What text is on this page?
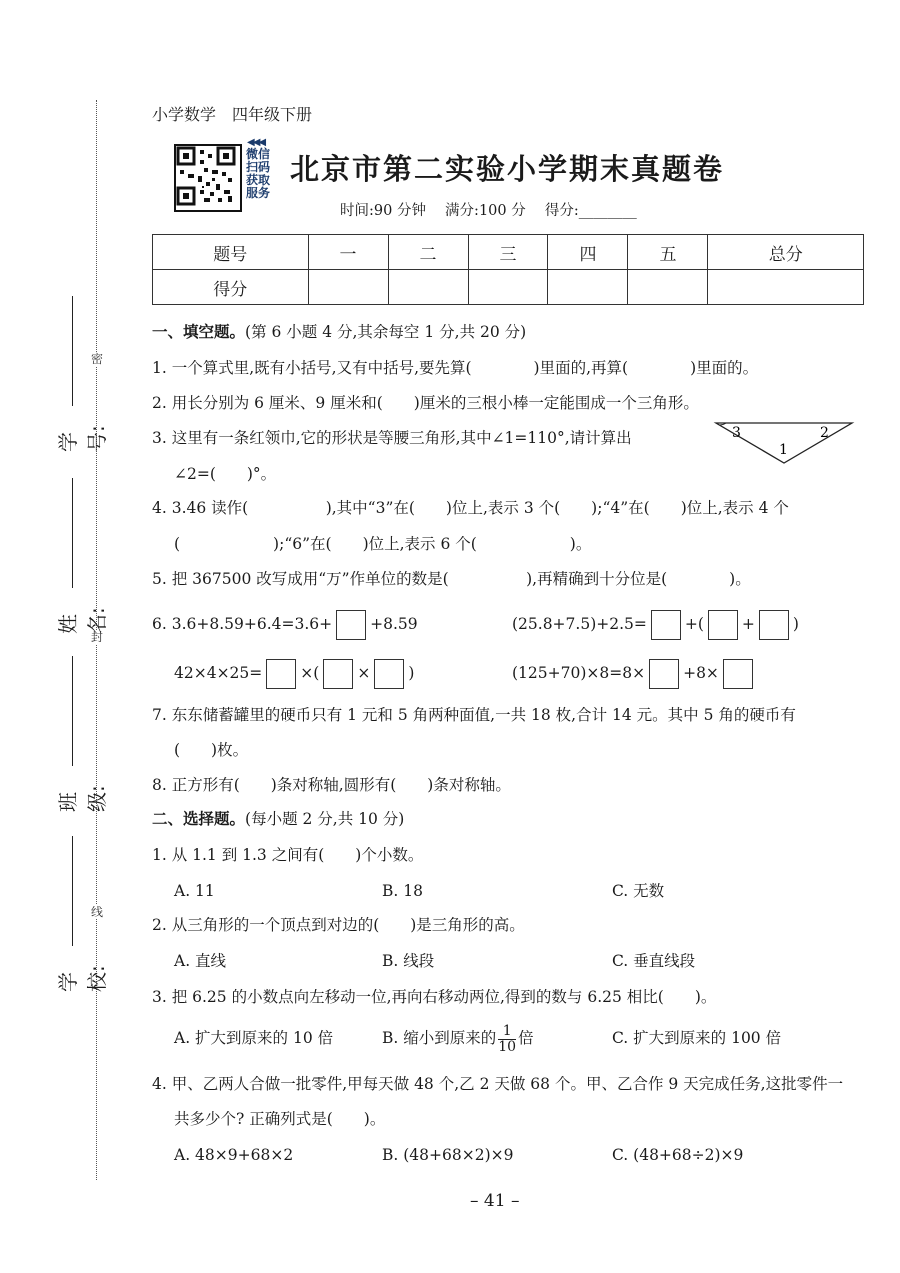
密
封
线
学号:
姓名:
班级:
学校:
小学数学　四年级下册
◀◀◀
微信扫码获取服务
北京市第二实验小学期末真题卷
时间:90 分钟　 满分:100 分　 得分:________
题号	一	二	三	四	五	总分
得分						
一、填空题。(第 6 小题 4 分,其余每空 1 分,共 20 分)
1. 一个算式里,既有小括号,又有中括号,要先算(　　　　)里面的,再算(　　　　)里面的。
2. 用长分别为 6 厘米、9 厘米和(　　)厘米的三根小棒一定能围成一个三角形。
3. 这里有一条红领巾,它的形状是等腰三角形,其中∠1=110°,请计算出
∠2=(　　)°。
3	2
1
4. 3.46 读作(　　　　　),其中“3”在(　　)位上,表示 3 个(　　);“4”在(　　)位上,表示 4 个
(　　　　　　);“6”在(　　)位上,表示 6 个(　　　　　　)。
5. 把 367500 改写成用“万”作单位的数是(　　　　　),再精确到十分位是(　　　　)。
6. 3.6+8.59+6.4=3.6+ +8.59	(25.8+7.5)+2.5= +( + )
42×4×25= ×( × )	(125+70)×8=8× +8×
7. 东东储蓄罐里的硬币只有 1 元和 5 角两种面值,一共 18 枚,合计 14 元。其中 5 角的硬币有
(　　)枚。
8. 正方形有(　　)条对称轴,圆形有(　　)条对称轴。
二、选择题。(每小题 2 分,共 10 分)
1. 从 1.1 到 1.3 之间有(　　)个小数。
A. 11	B. 18	C. 无数
2. 从三角形的一个顶点到对边的(　　)是三角形的高。
A. 直线	B. 线段	C. 垂直线段
3. 把 6.25 的小数点向左移动一位,再向右移动两位,得到的数与 6.25 相比(　　)。
A. 扩大到原来的 10 倍	B. 缩小到原来的 $\frac{1}{10}$ 倍	C. 扩大到原来的 100 倍
4. 甲、乙两人合做一批零件,甲每天做 48 个,乙 2 天做 68 个。甲、乙合作 9 天完成任务,这批零件一
共多少个? 正确列式是(　　)。
A. 48×9+68×2	B. (48+68×2)×9	C. (48+68÷2)×9
– 41 –
